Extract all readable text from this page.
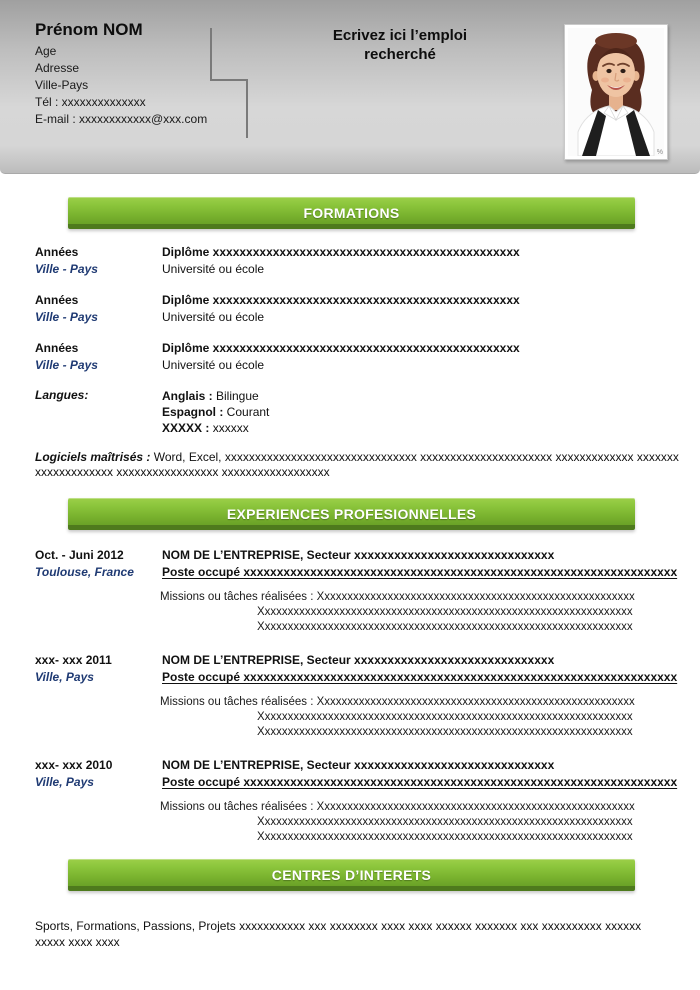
Prénom NOM
Age
Adresse
Ville-Pays
Tél : xxxxxxxxxxxxxx
E-mail : xxxxxxxxxxxx@xxx.com
Ecrivez ici l’emploi recherché
%
FORMATIONS
Années
Ville - Pays
Diplôme xxxxxxxxxxxxxxxxxxxxxxxxxxxxxxxxxxxxxxxxxxxxxx
Université ou école
Années
Ville - Pays
Diplôme xxxxxxxxxxxxxxxxxxxxxxxxxxxxxxxxxxxxxxxxxxxxxx
Université ou école
Années
Ville - Pays
Diplôme xxxxxxxxxxxxxxxxxxxxxxxxxxxxxxxxxxxxxxxxxxxxxx
Université ou école
Langues:	Anglais : Bilingue
Espagnol : Courant
XXXXX : xxxxxx

Logiciels maîtrisés : Word, Excel, xxxxxxxxxxxxxxxxxxxxxxxxxxxxxxxx xxxxxxxxxxxxxxxxxxxxxx xxxxxxxxxxxxx xxxxxxx xxxxxxxxxxxxx xxxxxxxxxxxxxxxxx xxxxxxxxxxxxxxxxxx

EXPERIENCES PROFESIONNELLES
Oct. - Juni 2012
Toulouse, France
NOM DE L’ENTREPRISE, Secteur xxxxxxxxxxxxxxxxxxxxxxxxxxxxxx
Poste occupé xxxxxxxxxxxxxxxxxxxxxxxxxxxxxxxxxxxxxxxxxxxxxxxxxxxxxxxxxxxxxxxxx
Missions ou tâches réalisées : Xxxxxxxxxxxxxxxxxxxxxxxxxxxxxxxxxxxxxxxxxxxxxxxxxxxxxxx
Xxxxxxxxxxxxxxxxxxxxxxxxxxxxxxxxxxxxxxxxxxxxxxxxxxxxxxxxxxxxxxxxx
Xxxxxxxxxxxxxxxxxxxxxxxxxxxxxxxxxxxxxxxxxxxxxxxxxxxxxxxxxxxxxxxxx
xxx- xxx 2011
Ville, Pays
NOM DE L’ENTREPRISE, Secteur xxxxxxxxxxxxxxxxxxxxxxxxxxxxxx
Poste occupé xxxxxxxxxxxxxxxxxxxxxxxxxxxxxxxxxxxxxxxxxxxxxxxxxxxxxxxxxxxxxxxxx
Missions ou tâches réalisées : Xxxxxxxxxxxxxxxxxxxxxxxxxxxxxxxxxxxxxxxxxxxxxxxxxxxxxxx
Xxxxxxxxxxxxxxxxxxxxxxxxxxxxxxxxxxxxxxxxxxxxxxxxxxxxxxxxxxxxxxxxx
Xxxxxxxxxxxxxxxxxxxxxxxxxxxxxxxxxxxxxxxxxxxxxxxxxxxxxxxxxxxxxxxxx
xxx- xxx 2010
Ville, Pays
NOM DE L’ENTREPRISE, Secteur xxxxxxxxxxxxxxxxxxxxxxxxxxxxxx
Poste occupé xxxxxxxxxxxxxxxxxxxxxxxxxxxxxxxxxxxxxxxxxxxxxxxxxxxxxxxxxxxxxxxxx
Missions ou tâches réalisées : Xxxxxxxxxxxxxxxxxxxxxxxxxxxxxxxxxxxxxxxxxxxxxxxxxxxxxxx
Xxxxxxxxxxxxxxxxxxxxxxxxxxxxxxxxxxxxxxxxxxxxxxxxxxxxxxxxxxxxxxxxx
Xxxxxxxxxxxxxxxxxxxxxxxxxxxxxxxxxxxxxxxxxxxxxxxxxxxxxxxxxxxxxxxxx
CENTRES D’INTERETS

Sports, Formations, Passions, Projets xxxxxxxxxxx xxx xxxxxxxx xxxx xxxx xxxxxx xxxxxxx xxx xxxxxxxxxx xxxxxx xxxxx xxxx xxxx
